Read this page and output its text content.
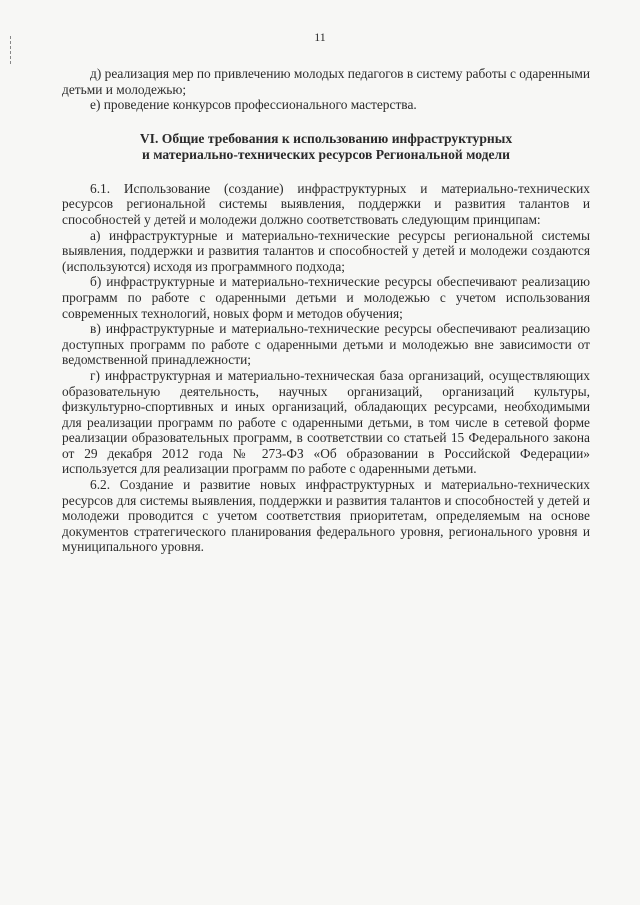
11

д) реализация мер по привлечению молодых педагогов в систему работы с одаренными детьми и молодежью;

е) проведение конкурсов профессионального мастерства.

VI. Общие требования к использованию инфраструктурных
и материально-технических ресурсов Региональной модели

6.1. Использование (создание) инфраструктурных и материально-технических ресурсов региональной системы выявления, поддержки и развития талантов и способностей у детей и молодежи должно соответствовать следующим принципам:

а) инфраструктурные и материально-технические ресурсы региональной системы выявления, поддержки и развития талантов и способностей у детей и молодежи создаются (используются) исходя из программного подхода;

б) инфраструктурные и материально-технические ресурсы обеспечивают реализацию программ по работе с одаренными детьми и молодежью с учетом использования современных технологий, новых форм и методов обучения;

в) инфраструктурные и материально-технические ресурсы обеспечивают реализацию доступных программ по работе с одаренными детьми и молодежью вне зависимости от ведомственной принадлежности;

г) инфраструктурная и материально-техническая база организаций, осуществляющих образовательную деятельность, научных организаций, организаций культуры, физкультурно-спортивных и иных организаций, обладающих ресурсами, необходимыми для реализации программ по работе с одаренными детьми, в том числе в сетевой форме реализации образовательных программ, в соответствии со статьей 15 Федерального закона от 29 декабря 2012 года № 273-ФЗ «Об образовании в Российской Федерации» используется для реализации программ по работе с одаренными детьми.

6.2. Создание и развитие новых инфраструктурных и материально-технических ресурсов для системы выявления, поддержки и развития талантов и способностей у детей и молодежи проводится с учетом соответствия приоритетам, определяемым на основе документов стратегического планирования федерального уровня, регионального уровня и муниципального уровня.
